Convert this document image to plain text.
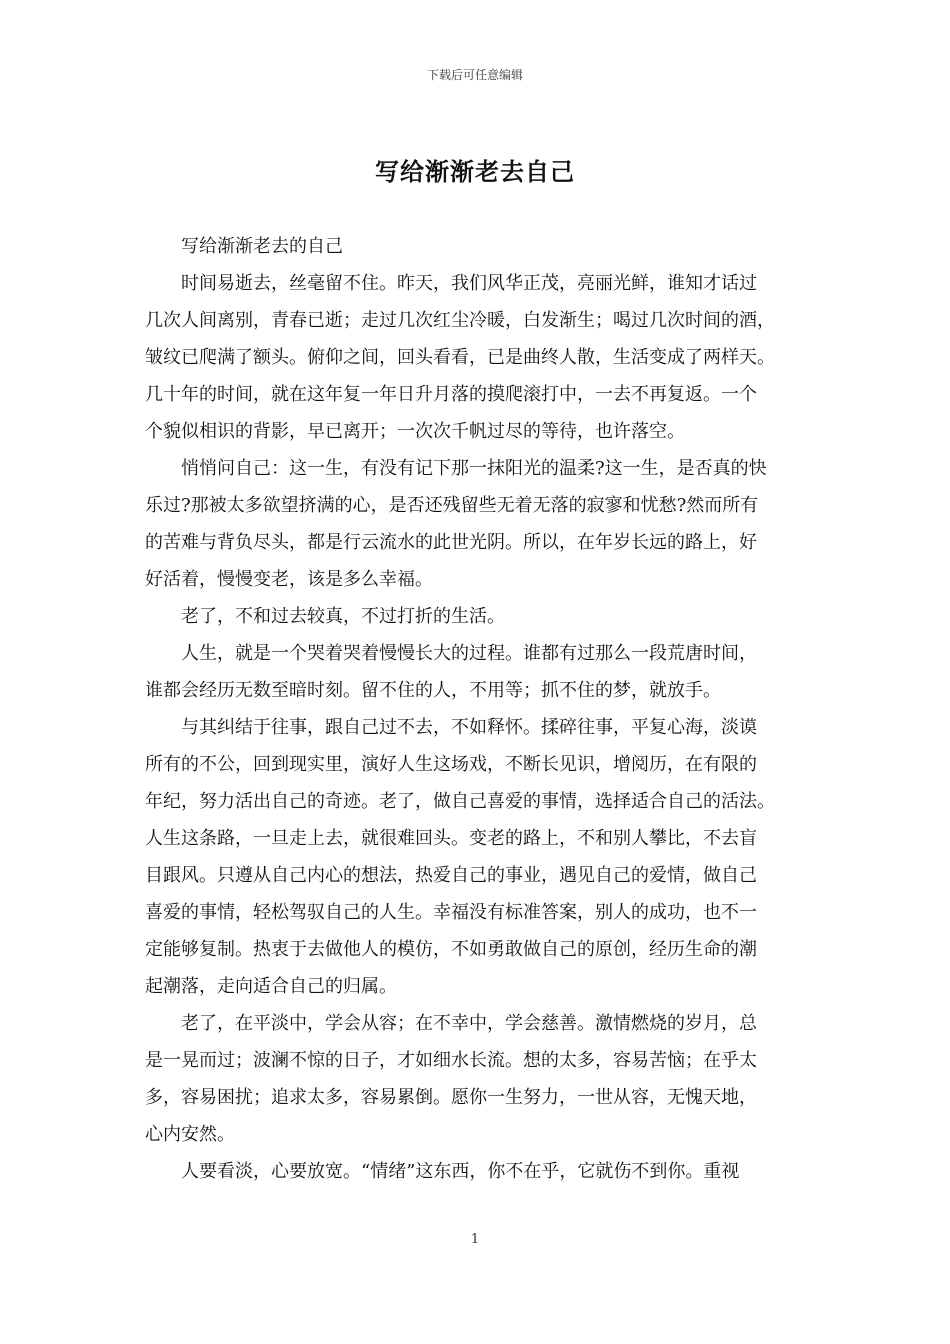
下载后可任意编辑
写给渐渐老去自己

写给渐渐老去的自己

时间易逝去，丝毫留不住。昨天，我们风华正茂，亮丽光鲜，谁知才话过
几次人间离别，青春已逝；走过几次红尘冷暖，白发渐生；喝过几次时间的酒，
皱纹已爬满了额头。俯仰之间，回头看看，已是曲终人散，生活变成了两样天。
几十年的时间，就在这年复一年日升月落的摸爬滚打中，一去不再复返。一个
个貌似相识的背影，早已离开；一次次千帆过尽的等待，也许落空。

悄悄问自己：这一生，有没有记下那一抹阳光的温柔?这一生，是否真的快
乐过?那被太多欲望挤满的心，是否还残留些无着无落的寂寥和忧愁?然而所有
的苦难与背负尽头，都是行云流水的此世光阴。所以，在年岁长远的路上，好
好活着，慢慢变老，该是多么幸福。

老了，不和过去较真，不过打折的生活。

人生，就是一个哭着哭着慢慢长大的过程。谁都有过那么一段荒唐时间，
谁都会经历无数至暗时刻。留不住的人，不用等；抓不住的梦，就放手。

与其纠结于往事，跟自己过不去，不如释怀。揉碎往事，平复心海，淡谟
所有的不公，回到现实里，演好人生这场戏，不断长见识，增阅历，在有限的
年纪，努力活出自己的奇迹。老了，做自己喜爱的事情，选择适合自己的活法。
人生这条路，一旦走上去，就很难回头。变老的路上，不和别人攀比，不去盲
目跟风。只遵从自己内心的想法，热爱自己的事业，遇见自己的爱情，做自己
喜爱的事情，轻松驾驭自己的人生。幸福没有标准答案，别人的成功，也不一
定能够复制。热衷于去做他人的模仿，不如勇敢做自己的原创，经历生命的潮
起潮落，走向适合自己的归属。

老了，在平淡中，学会从容；在不幸中，学会慈善。激情燃烧的岁月，总
是一晃而过；波澜不惊的日子，才如细水长流。想的太多，容易苦恼；在乎太
多，容易困扰；追求太多，容易累倒。愿你一生努力，一世从容，无愧天地，
心内安然。

人要看淡，心要放宽。“情绪”这东西，你不在乎，它就伤不到你。重视

1
